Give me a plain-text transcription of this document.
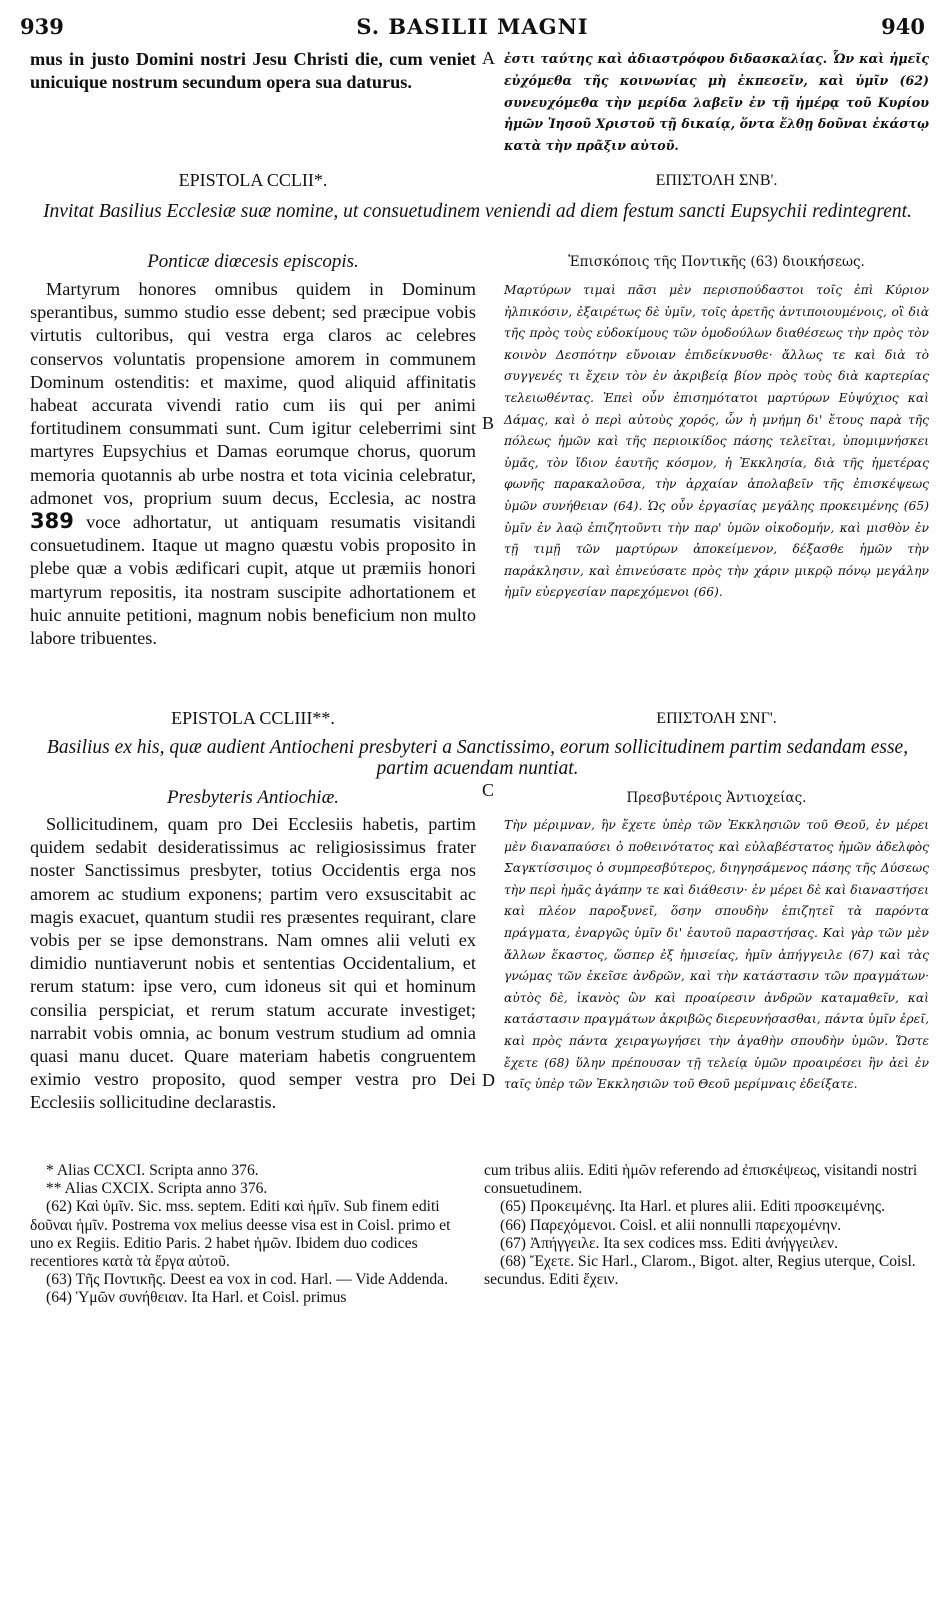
939	S. BASILII MAGNI	940
mus in justo Domini nostri Jesu Christi die, cum veniet unicuique nostrum secundum opera sua daturus.
A ἐστι ταύτης καὶ ἀδιαστρόφου διδασκαλίας. Ὧν καὶ ἡμεῖς εὐχόμεθα τῆς κοινωνίας μὴ ἐκπεσεῖν, καὶ ὑμῖν (62) συνευχόμεθα τὴν μερίδα λαβεῖν ἐν τῇ ἡμέρᾳ τοῦ Κυρίου ἡμῶν Ἰησοῦ Χριστοῦ τῇ δικαίᾳ, ὅντα ἔλθῃ δοῦναι ἑκάστῳ κατὰ τὴν πρᾶξιν αὐτοῦ.
EPISTOLA CCLII*.	ΕΠΙΣΤΟΛΗ ΣΝΒ'.
Invitat Basilius Ecclesiæ suæ nomine, ut consuetudinem veniendi ad diem festum sancti Eupsychii redintegrent.
Ponticæ diœcesis episcopis.	Ἐπισκόποις τῆς Ποντικῆς (63) διοικήσεως.
Martyrum honores omnibus quidem in Dominum sperantibus, summo studio esse debent; sed præcipue vobis virtutis cultoribus, qui vestra erga claros ac celebres conservos voluntatis propensione amorem in communem Dominum ostenditis: et maxime, quod aliquid affinitatis habeat accurata vivendi ratio cum iis qui per animi fortitudinem consummati sunt. Cum igitur celeberrimi sint martyres Eupsychius et Damas eorumque chorus, quorum memoria quotannis ab urbe nostra et tota vicinia celebratur, admonet vos, proprium suum decus, Ecclesia, ac nostra 389 voce adhortatur, ut antiquam resumatis visitandi consuetudinem. Itaque ut magno quæstu vobis proposito in plebe quæ a vobis ædificari cupit, atque ut præmiis honori martyrum repositis, ita nostram suscipite adhortationem et huic annuite petitioni, magnum nobis beneficium non multo labore tribuentes.
B
Μαρτύρων τιμαὶ πᾶσι μὲν περισπούδαστοι τοῖς ἐπὶ Κύριον ἠλπικόσιν, ἐξαιρέτως δὲ ὑμῖν, τοῖς ἀρετῆς ἀντιποιουμένοις, οἳ διὰ τῆς πρὸς τοὺς εὐδοκίμους τῶν ὁμοδούλων διαθέσεως τὴν πρὸς τὸν κοινὸν Δεσπότην εὔνοιαν ἐπιδείκνυσθε· ἄλλως τε καὶ διὰ τὸ συγγενές τι ἔχειν τὸν ἐν ἀκριβείᾳ βίον πρὸς τοὺς διὰ καρτερίας τελειωθέντας. Ἐπεὶ οὖν ἐπισημότατοι μαρτύρων Εὐψύχιος καὶ Δάμας, καὶ ὁ περὶ αὐτοὺς χορός, ὧν ἡ μνήμη δι' ἔτους παρὰ τῆς πόλεως ἡμῶν καὶ τῆς περιοικίδος πάσης τελεῖται, ὑπομιμνήσκει ὑμᾶς, τὸν ἴδιον ἑαυτῆς κόσμον, ἡ Ἐκκλησία, διὰ τῆς ἡμετέρας φωνῆς παρακαλοῦσα, τὴν ἀρχαίαν ἀπολαβεῖν τῆς ἐπισκέψεως ὑμῶν συνήθειαν (64). Ὡς οὖν ἐργασίας μεγάλης προκειμένης (65) ὑμῖν ἐν λαῷ ἐπιζητοῦντι τὴν παρ' ὑμῶν οἰκοδομήν, καὶ μισθὸν ἐν τῇ τιμῇ τῶν μαρτύρων ἀποκείμενον, δέξασθε ἡμῶν τὴν παράκλησιν, καὶ ἐπινεύσατε πρὸς τὴν χάριν μικρῷ πόνῳ μεγάλην ἡμῖν εὐεργεσίαν παρεχόμενοι (66).
EPISTOLA CCLIII**.	ΕΠΙΣΤΟΛΗ ΣΝΓ'.
Basilius ex his, quæ audient Antiocheni presbyteri a Sanctissimo, eorum sollicitudinem partim sedandam esse, partim acuendam nuntiat.
Presbyteris Antiochiæ.	C	Πρεσβυτέροις Ἀντιοχείας.
Sollicitudinem, quam pro Dei Ecclesiis habetis, partim quidem sedabit desideratissimus ac religiosissimus frater noster Sanctissimus presbyter, totius Occidentis erga nos amorem ac studium exponens; partim vero exsuscitabit ac magis exacuet, quantum studii res præsentes requirant, clare vobis per se ipse demonstrans. Nam omnes alii veluti ex dimidio nuntiaverunt nobis et sententias Occidentalium, et rerum statum: ipse vero, cum idoneus sit qui et hominum consilia perspiciat, et rerum statum accurate investiget; narrabit vobis omnia, ac bonum vestrum studium ad omnia quasi manu ducet. Quare materiam habetis congruentem eximio vestro proposito, quod semper vestra pro Dei Ecclesiis sollicitudine declarastis.
D
Τὴν μέριμναν, ἣν ἔχετε ὑπὲρ τῶν Ἐκκλησιῶν τοῦ Θεοῦ, ἐν μέρει μὲν διαναπαύσει ὁ ποθεινότατος καὶ εὐλαβέστατος ἡμῶν ἀδελφὸς Σαγκτίσσιμος ὁ συμπρεσβύτερος, διηγησάμενος πάσης τῆς Δύσεως τὴν περὶ ἡμᾶς ἀγάπην τε καὶ διάθεσιν· ἐν μέρει δὲ καὶ διαναστήσει καὶ πλέον παροξυνεῖ, ὅσην σπουδὴν ἐπιζητεῖ τὰ παρόντα πράγματα, ἐναργῶς ὑμῖν δι' ἑαυτοῦ παραστήσας. Καὶ γὰρ τῶν μὲν ἄλλων ἕκαστος, ὥσπερ ἐξ ἡμισείας, ἡμῖν ἀπήγγειλε (67) καὶ τὰς γνώμας τῶν ἐκεῖσε ἀνδρῶν, καὶ τὴν κατάστασιν τῶν πραγμάτων· αὐτὸς δὲ, ἱκανὸς ὢν καὶ προαίρεσιν ἀνδρῶν καταμαθεῖν, καὶ κατάστασιν πραγμάτων ἀκριβῶς διερευνήσασθαι, πάντα ὑμῖν ἐρεῖ, καὶ πρὸς πάντα χειραγωγήσει τὴν ἀγαθὴν σπουδὴν ὑμῶν. Ὥστε ἔχετε (68) ὕλην πρέπουσαν τῇ τελείᾳ ὑμῶν προαιρέσει ἣν ἀεὶ ἐν ταῖς ὑπὲρ τῶν Ἐκκλησιῶν τοῦ Θεοῦ μερίμναις ἐδείξατε.

* Alias CCXCI. Scripta anno 376.

** Alias CXCIX. Scripta anno 376.

(62) Καὶ ὑμῖν. Sic. mss. septem. Editi καὶ ἡμῖν. Sub finem editi δοῦναι ἡμῖν. Postrema vox melius deesse visa est in Coisl. primo et uno ex Regiis. Editio Paris. 2 habet ἡμῶν. Ibidem duo codices recentiores κατὰ τὰ ἔργα αὐτοῦ.

(63) Τῆς Ποντικῆς. Deest ea vox in cod. Harl. — Vide Addenda.

(64) Ὑμῶν συνήθειαν. Ita Harl. et Coisl. primus

cum tribus aliis. Editi ἡμῶν referendo ad ἐπισκέψεως, visitandi nostri consuetudinem.

(65) Προκειμένης. Ita Harl. et plures alii. Editi προσκειμένης.

(66) Παρεχόμενοι. Coisl. et alii nonnulli παρεχομένην.

(67) Ἀπήγγειλε. Ita sex codices mss. Editi ἀνήγγειλεν.

(68) Ἔχετε. Sic Harl., Clarom., Bigot. alter, Regius uterque, Coisl. secundus. Editi ἔχειν.
